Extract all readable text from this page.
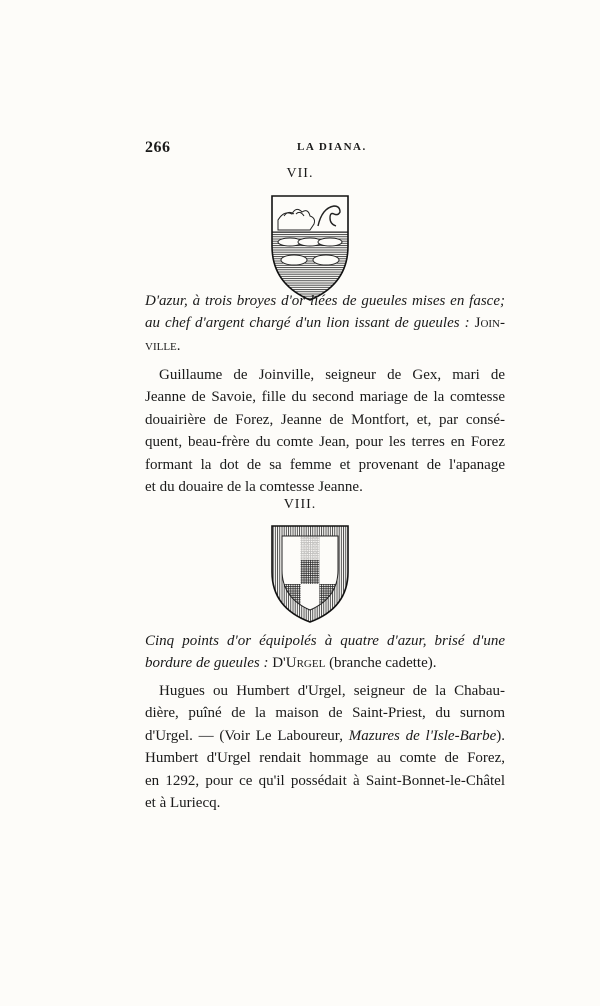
266	LA DIANA.
VII.
D'azur, à trois broyes d'or liées de gueules mises en fasce;
au chef d'argent chargé d'un lion issant de gueules : Join-
ville.
Guillaume de Joinville, seigneur de Gex, mari de
Jeanne de Savoie, fille du second mariage de la comtesse
douairière de Forez, Jeanne de Montfort, et, par consé-
quent, beau-frère du comte Jean, pour les terres en Forez
formant la dot de sa femme et provenant de l'apanage
et du douaire de la comtesse Jeanne.
VIII.
Cinq points d'or équipolés à quatre d'azur, brisé d'une
bordure de gueules : D'Urgel (branche cadette).
Hugues ou Humbert d'Urgel, seigneur de la Chabau-
dière, puîné de la maison de Saint-Priest, du surnom
d'Urgel. — (Voir Le Laboureur, Mazures de l'Isle-Barbe).
Humbert d'Urgel rendait hommage au comte de Forez,
en 1292, pour ce qu'il possédait à Saint-Bonnet-le-Châtel
et à Luriecq.
